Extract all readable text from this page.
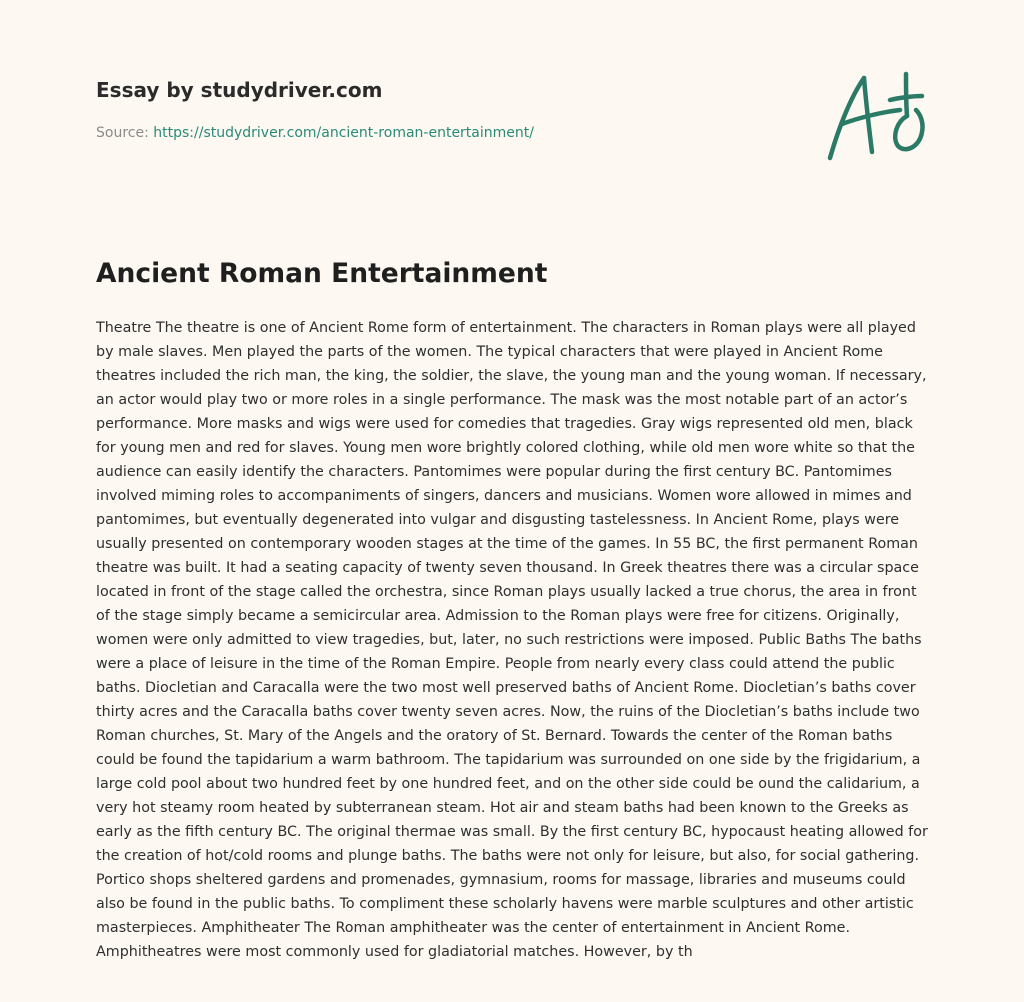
Essay by studydriver.com
Source: https://studydriver.com/ancient-roman-entertainment/
Ancient Roman Entertainment

Theatre The theatre is one of Ancient Rome form of entertainment. The characters in Roman plays were all played by male slaves. Men played the parts of the women. The typical characters that were played in Ancient Rome theatres included the rich man, the king, the soldier, the slave, the young man and the young woman. If necessary, an actor would play two or more roles in a single performance. The mask was the most notable part of an actor’s performance. More masks and wigs were used for comedies that tragedies. Gray wigs represented old men, black for young men and red for slaves. Young men wore brightly colored clothing, while old men wore white so that the audience can easily identify the characters. Pantomimes were popular during the first century BC. Pantomimes involved miming roles to accompaniments of singers, dancers and musicians. Women wore allowed in mimes and pantomimes, but eventually degenerated into vulgar and disgusting tastelessness. In Ancient Rome, plays were usually presented on contemporary wooden stages at the time of the games. In 55 BC, the first permanent Roman theatre was built. It had a seating capacity of twenty seven thousand. In Greek theatres there was a circular space located in front of the stage called the orchestra, since Roman plays usually lacked a true chorus, the area in front of the stage simply became a semicircular area. Admission to the Roman plays were free for citizens. Originally, women were only admitted to view tragedies, but, later, no such restrictions were imposed. Public Baths The baths were a place of leisure in the time of the Roman Empire. People from nearly every class could attend the public baths. Diocletian and Caracalla were the two most well preserved baths of Ancient Rome. Diocletian’s baths cover thirty acres and the Caracalla baths cover twenty seven acres. Now, the ruins of the Diocletian’s baths include two Roman churches, St. Mary of the Angels and the oratory of St. Bernard. Towards the center of the Roman baths could be found the tapidarium a warm bathroom. The tapidarium was surrounded on one side by the frigidarium, a large cold pool about two hundred feet by one hundred feet, and on the other side could be ound the calidarium, a very hot steamy room heated by subterranean steam. Hot air and steam baths had been known to the Greeks as early as the fifth century BC. The original thermae was small. By the first century BC, hypocaust heating allowed for the creation of hot/cold rooms and plunge baths. The baths were not only for leisure, but also, for social gathering. Portico shops sheltered gardens and promenades, gymnasium, rooms for massage, libraries and museums could also be found in the public baths. To compliment these scholarly havens were marble sculptures and other artistic masterpieces. Amphitheater The Roman amphitheater was the center of entertainment in Ancient Rome. Amphitheatres were most commonly used for gladiatorial matches. However, by th
